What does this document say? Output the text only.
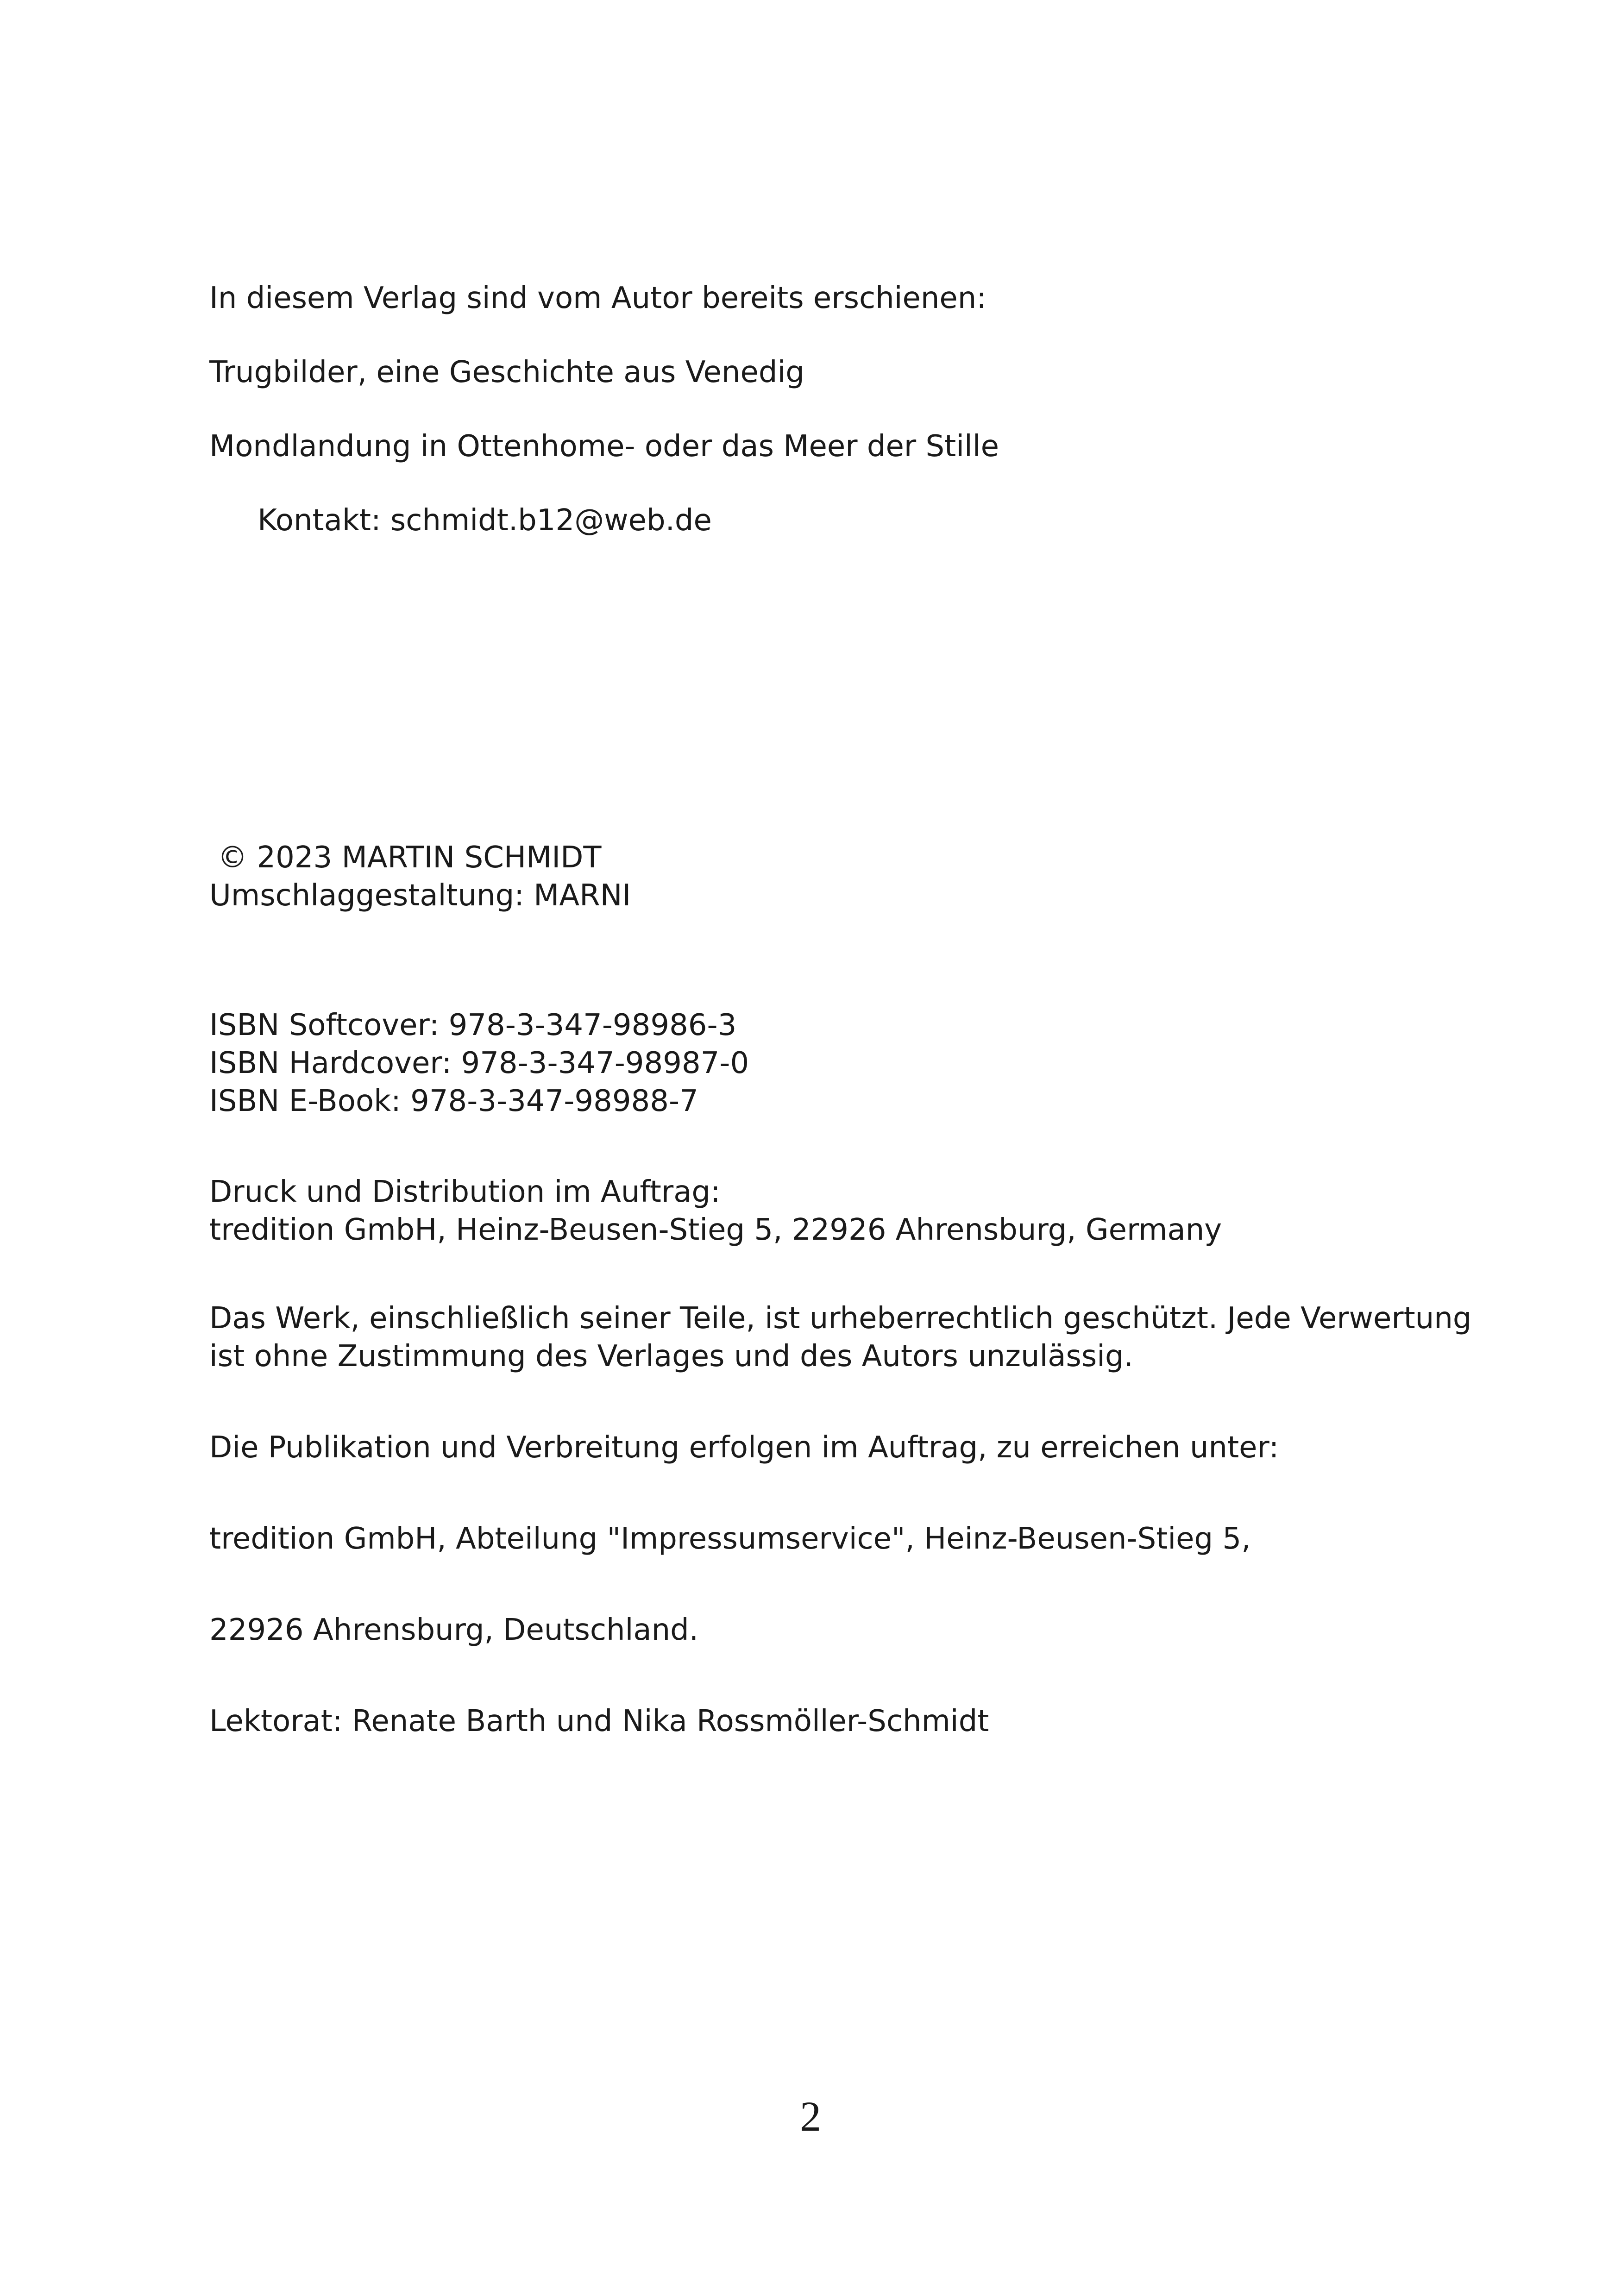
In diesem Verlag sind vom Autor bereits erschienen:

Trugbilder, eine Geschichte aus Venedig

Mondlandung in Ottenhome- oder das Meer der Stille

Kontakt: schmidt.b12@web.de

© 2023 MARTIN SCHMIDT

Umschlaggestaltung: MARNI

ISBN Softcover: 978-3-347-98986-3

ISBN Hardcover: 978-3-347-98987-0

ISBN E-Book: 978-3-347-98988-7

Druck und Distribution im Auftrag:

tredition GmbH, Heinz-Beusen-Stieg 5, 22926 Ahrensburg, Germany

Das Werk, einschließlich seiner Teile, ist urheberrechtlich geschützt. Jede Verwertung

ist ohne Zustimmung des Verlages und des Autors unzulässig.

Die Publikation und Verbreitung erfolgen im Auftrag, zu erreichen unter:

tredition GmbH, Abteilung "Impressumservice", Heinz-Beusen-Stieg 5,

22926 Ahrensburg, Deutschland.

Lektorat: Renate Barth und Nika Rossmöller-Schmidt

2
